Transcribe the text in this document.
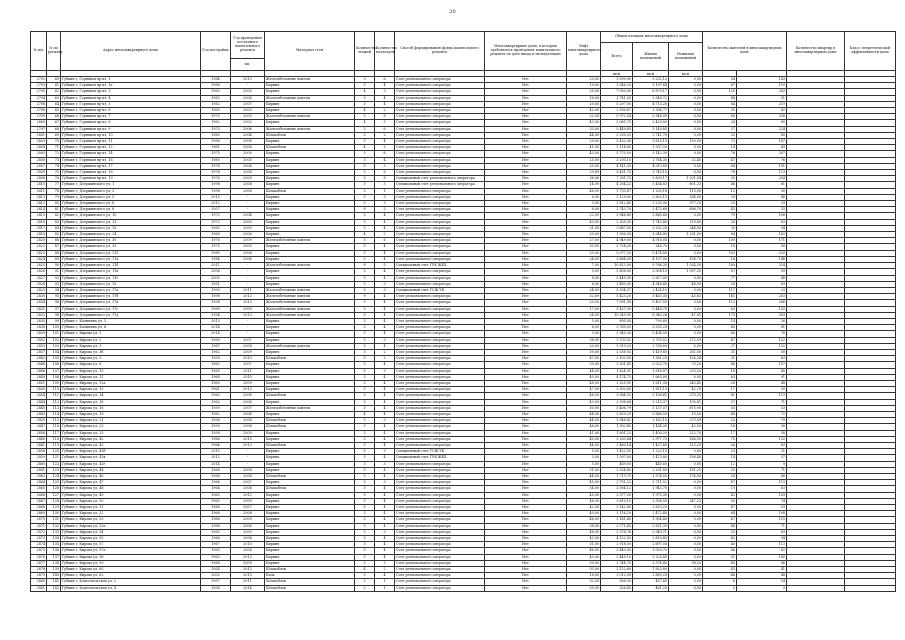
20
№ п/п	№ по региону	Адрес многоквартирного дома	Год постройки	Год проведения последнего капитального ремонта	Материал стен	Количество этажей	Количество подъездов	Способ формирования фонда капитального ремонта	Многоквартирные дома, в которых требовалось проведение капитального ремонта по дате ввода в эксплуатацию	Лифт многоквартирного дома	Общая площадь многоквартирного дома			Количество жителей в многоквартирном доме		Количество квартир в многоквартирном доме	Класс энергетической эффективности дома
											Всего	Жилых помещений	Нежилых помещений				
				кп.													
											кв.м	кв.м	кв.м				
2792	60	Губкин г, Горняков пр-кт, 1	1984	2013	Железобетонные панели	9	6	Счет регионального оператора	Нет	23,00	3 599,00	3 252,12	0,00	54	143		
2793	61	Губкин г, Горняков пр-кт, 1а	1986	-	Кирпич	5	4	Счет регионального оператора	Нет	19,00	3 546,20	3 197,84	0,00	67	110		
2795	62	Губкин г, Горняков пр-кт, 3	1963	2005	Кирпич	4	3	Счет регионального оператора	Нет	25,00	7 050,00	6 870,17	0,00	120	283		
2794	63	Губкин г, Горняков пр-кт, 4	1983	2008	Железобетонные панели	9	4	Счет регионального оператора	Нет	18,00	3 741,05	3 348,72	0,00	48	51		
2798	64	Губкин г, Горняков пр-кт, 5	1982	2007	Кирпич	5	4	Счет регионального оператора	Нет	20,00	5 297,00	4 713,26	0,00	84	219		
2796	65	Губкин г, Горняков пр-кт, 6	1965	2003	Кирпич	4	2	Счет регионального оператора	Нет	42,00	2 590,67	2 304,77	0,00	31	82		
2799	66	Губкин г, Горняков пр-кт, 7	1975	2005	Железобетонные панели	5	8	Счет регионального оператора	Нет	22,00	5 972,54	5 548,99	0,00	68	338		
2800	67	Губкин г, Горняков пр-кт, 8	1962	2002	Кирпич	4	3	Счет регионального оператора	Нет	43,00	3 085,75	2 429,09	0,00	24	85		
2797	68	Губкин г, Горняков пр-кт, 9	1975	2006	Железобетонные панели	5	6	Счет регионального оператора	Нет	33,00	5 449,85	5 149,85	0,00	37	224		
2801	69	Губкин г, Горняков пр-кт, 10	1983	2004	Шлакоблок	5	2	Счет регионального оператора	Нет	44,00	3 295,25	2 741,70	0,00	33	85		
2803	70	Губкин г, Горняков пр-кт, 11	1986	2008	Кирпич	5	4	Счет регионального оператора	Нет	29,00	5 432,38	3 815,10	150,00	72	187		
2804	71	Губкин г, Горняков пр-кт, 12	1961	2006	Шлакоблок	4	2	Счет регионального оператора	Нет	41,00	2 114,60	1 937,20	0,00	14	43		
2805	72	Губкин г, Горняков пр-кт, 14	1975	2009	Кирпич	5	6	Счет регионального оператора	Нет	43,00	5 770,50	3 142,30	0,00	76	207		
2806	73	Губкин г, Горняков пр-кт, 16	1980	2005	Кирпич	5	4	Счет регионального оператора	Нет	25,00	3 293,10	2 764,30	32,40	47	76		
2807	74	Губкин г, Горняков пр-кт, 17	1978	2008	Кирпич	5	3	Счет регионального оператора	Нет	35,00	4 141,30	4 013,60	0,00	84	191		
2809	75	Губкин г, Горняков пр-кт, 18	1978	2008	Кирпич	5	6	Счет регионального оператора	Нет	20,69	5 431,73	3 745,10	0,00	78	113		
2808	76	Губкин г, Горняков пр-кт, 19	1976	2009	Кирпич	5	8	Специальный счет регионального оператора	Нет	36,96	7 281,73	5 895,17	1 201,04	35	204		
2810	77	Губкин г, Дзержинского ул, 1	1998	2008	Кирпич	5	3	Специальный счет регионального оператора	Нет	14,09	4 204,22	3 454,83	601,33	46	61		
2811	78	Губкин г, Дзержинского ул, 3	1998	2008	Шлакоблок	2	1	Счет регионального оператора	Нет	46,00	1 703,87	1 200,18	110,00	12	30		
2813	79	Губкин г, Дзержинского ул, 5	2015	-	Кирпич	5	3	Счет регионального оператора	Нет	6,00	3 129,00	2 802,15	254,90	29	48		
2812	80	Губкин г, Дзержинского ул, 6	2012	-	Кирпич	5	3	Счет регионального оператора	Нет	3,00	2 812,40	2 233,90	577,20	25	53		
2814	81	Губкин г, Дзержинского ул, 8	2007	-	Кирпич	9	3	Счет регионального оператора	Нет	8,00	2 743,70	2 472,60	696,70	43	33		
2815	82	Губкин г, Дзержинского ул, 10	1972	2004	Кирпич	5	4	Счет регионального оператора	Нет	22,00	3 946,40	3 865,60	0,00	79	108		
2816	83	Губкин г, Дзержинского ул, 13	1973	2000	Кирпич	5	4	Счет регионального оператора	Нет	43,00	2 505,30	1 745,40	219,60	28	83		
2817	84	Губкин г, Дзержинского ул, 15	1965	2009	Кирпич	5	4	Счет регионального оператора	Нет	31,00	3 687,50	3 292,20	244,00	39	94		
2818	85	Губкин г, Дзержинского ул, 24	1969	2006	Кирпич	4	2	Счет регионального оператора	Нет	20,00	1 006,30	1 044,80	1 231,00	64	162		
2820	86	Губкин г, Дзержинского ул, 30	1976	2009	Железобетонные панели	5	6	Счет регионального оператора	Нет	27,00	4 949,00	4 916,00	0,00	109	171		
2822	87	Губкин г, Дзержинского ул, 33	1975	2005	Кирпич	5	4	Счет регионального оператора	Нет	30,00	2 724,20	248,70	0,00	18	56		
2823	88	Губкин г, Дзержинского ул, 115	1985	2006	Кирпич	5	4	Счет регионального оператора	Нет	20,00	5 077,20	5 474,80	0,00	102	220		
2824	89	Губкин г, Дзержинского ул, 11а	1984	2008	Кирпич	5	4	Счет регионального оператора	Нет	24,00	3 864,00	4 107,00	108,70	16	146		
2825	90	Губкин г, Дзержинского ул, 11б	2011	-	Железобетонные панели	9	5	Специальный счет ГУК ЖКХ	Нет	7,00	10 813,00	9 786,30	1 024,30	169	324		
2826	91	Губкин г, Дзержинского ул, 11в	2006	-	Кирпич	5	4	Счет регионального оператора	Нет	9,00	5 808,00	2 008,10	1 097,20	57	59		
2827	92	Губкин г, Дзержинского ул, 11г	2005	-	Кирпич	5	4	Счет регионального оператора	Нет	8,00	5 449,30	2 627,00	0,00	77	48		
2828	93	Губкин г, Дзержинского ул, 15	1951	-	Кирпич	5	3	Счет регионального оператора	Нет	6,00	3 480,00	4 348,40	46,90	28	83		
2829	94	Губкин г, Дзержинского ул, 17а	1993	2011	Железобетонные панели	9	3	Специальный счет ТСЖ УК	Нет	24,00	5 254,37	2 424,10	0,00	117	23		
2830	95	Губкин г, Дзержинского ул, 17б	1998	2012	Железобетонные панели	9	4	Счет регионального оператора	Нет	32,69	5 423,20	3 463,30	45,83	161	203		
2834	96	Губкин г, Дзержинского ул, 17в	1998	2013	Железобетонные панели	9	4	Счет регионального оператора	Нет	20,00	7 091,90	5 407,50	0,00	112	286		
2831	97	Губкин г, Дзержинского ул, 17г	1989	2009	Железобетонные панели	9	4	Счет регионального оператора	Нет	17,00	5 427,30	5 448,70	0,00	63	132		
2832	98	Губкин г, Дзержинского ул, 17д	1994	2013	Железобетонные панели	9	4	Счет регионального оператора	Нет	24,00	10 249,95	8 940,26	47,31	173	303		
2835	99	Губкин г, Калинина ул, 3	2013	-	Кирпич	5	4	Счет регионального оператора	Нет	5,00	895,00	790,80	0,00	14	26		
2838	100	Губкин г, Калинина ул, 6	2014	-	Кирпич	5	4	Счет регионального оператора	Нет	6,00	3 765,50	3 535,20	0,00	45	61		
2839	101	Губкин г, Кирова ул, 1	2014	-	Кирпич	5	4	Счет регионального оператора	Нет	3,00	3 945,30	3 404,50	0,00	40	78		
2852	102	Губкин г, Кирова ул, 2	1969	2007	Кирпич	5	3	Счет регионального оператора	Нет	38,00	3 703,52	2 750,52	272,59	47	122		
2853	103	Губкин г, Кирова ул, 3	1967	2008	Железобетонные панели	5	4	Счет регионального оператора	Нет	20,00	2 919,20	2 756,00	0,00	27	132		
2857	104	Губкин г, Кирова ул, 3б	1962	2009	Кирпич	5	2	Счет регионального оператора	Нет	39,00	2 338,92	1 419,80	351,00	31	50		
2842	105	Губкин г, Кирова ул, 5	1959	2010	Шлакоблок	5	2	Счет регионального оператора	Нет	47,00	2 102,50	1 361,25	126,34	21	63		
2848	106	Губкин г, Кирова ул, 8	1962	2007	Кирпич	5	4	Счет регионального оператора	Нет	39,00	3 301,45	3 023,70	73,20	46	157		
2846	107	Губкин г, Кирова ул, 10	1965	2011	Кирпич	5	3	Счет регионального оператора	Нет	44,00	1 624,91	1 616,87	233,20	18	45		
2849	108	Губкин г, Кирова ул, 11	1968	2010	Кирпич	5	4	Счет регионального оператора	Нет	40,00	4 174,73	3 663,00	0,00	63	91		
2851	109	Губкин г, Кирова ул, 12а	1960	2009	Кирпич	5	4	Счет регионального оператора	Нет	48,00	2 325,91	1 611,30	245,40	26	48		
2850	110	Губкин г, Кирова ул, 13	1961	2012	Кирпич	5	4	Счет регионального оператора	Нет	47,00	2 302,85	1 811,10	42,70	17	50		
2854	111	Губкин г, Кирова ул, 14	1960	2008	Шлакоблок	5	4	Счет регионального оператора	Нет	46,00	3 584,92	3 156,61	275,25	61	113		
2844	112	Губкин г, Кирова ул, 16	1962	2008	Кирпич	5	4	Счет регионального оператора	Нет	43,00	3 298,64	3 215,37	105,81	37	71		
2845	113	Губкин г, Кирова ул, 18	1959	2007	Железобетонные панели	5	4	Счет регионального оператора	Нет	50,00	5 406,79	5 137,07	675,90	50	53		
2843	114	Губкин г, Кирова ул, 19	1962	2004	Кирпич	4	4	Счет регионального оператора	Нет	44,00	2 829,29	2 688,59	10,00	48	72		
2855	115	Губкин г, Кирова ул, 21	1956	2008	Шлакоблок	5	3	Счет регионального оператора	Нет	44,00	3 546,82	3 162,10	273,09	23	79		
2847	116	Губкин г, Кирова ул, 23	1959	2008	Шлакоблок	5	4	Счет регионального оператора	Нет	46,00	1 902,40	1 454,30	42,50	16	36		
2856	117	Губкин г, Кирова ул, 25	1958	2009	Кирпич	5	4	Счет регионального оператора	Нет	41,00	1 601,23	1 400,20	222,70	17	58		
2840	118	Губкин г, Кирова ул, 42	1966	2015	Кирпич	5	4	Счет регионального оператора	Нет	40,00	3 203,84	2 977,73	186,50	75	132		
2841	119	Губкин г, Кирова ул, 43	1964	2013	Шлакоблок	5	4	Счет регионального оператора	Нет	44,00	2 460,14	1 427,60	113,20	26	83		
2858	120	Губкин г, Кирова ул, 43б	2010	-	Кирпич	5	3	Специальный счет ТСЖ УК	Нет	5,00	1 422,50	1 222,10	0,00	23	21		
2859	121	Губкин г, Кирова ул, 43в	2012	-	Кирпич	5	4	Специальный счет ГУК ЖКХ	Нет	3,00	1 397,00	1 473,80	156,40	14	37		
2860	122	Губкин г, Кирова ул, 43г	2014	-	Кирпич	5	3	Счет регионального оператора	Нет	5,00	469,00	440,60	0,00	12	9		
2861	123	Губкин г, Кирова ул, 44	1966	2008	Кирпич	5	4	Счет регионального оператора	Нет	51,00	2 534,40	2 201,80	181,21	25	71		
2863	124	Губкин г, Кирова ул, 46	1966	2008	Шлакоблок	5	4	Счет регионального оператора	Нет	44,00	1 719,75	1 574,05	174,00	28	86		
2864	125	Губкин г, Кирова ул, 47	1966	2007	Кирпич	5	3	Счет регионального оператора	Нет	45,00	2 751,22	2 711,52	0,00	47	113		
2865	126	Губкин г, Кирова ул, 48	1964	2006	Шлакоблок	5	4	Счет регионального оператора	Нет	54,00	2 004,12	1 943,70	0,00	19	63		
2866	127	Губкин г, Кирова ул, 49	1963	2012	Кирпич	5	4	Счет регионального оператора	Нет	45,00	2 077,00	1 975,30	0,00	42	103		
2867	128	Губкин г, Кирова ул, 50	1965	2009	Кирпич	5	4	Счет регионального оператора	Нет	48,00	3 810,10	2 558,50	247,23	55	74		
2868	129	Губкин г, Кирова ул, 51	1966	2007	Кирпич	5	4	Счет регионального оператора	Нет	42,00	3 142,60	2 829,20	0,00	47	53		
2869	130	Губкин г, Кирова ул, 52	1968	2008	Кирпич	5	4	Счет регионального оператора	Нет	40,00	3 116,20	2 472,40	0,00	64	108		
2870	131	Губкин г, Кирова ул, 53	1966	2009	Кирпич	5	4	Счет регионального оператора	Нет	46,00	3 181,40	1 904,40	0,00	47	115		
2871	132	Губкин г, Кирова ул, 53а	1968	2006	Кирпич	5	4	Счет регионального оператора	Нет	38,00	2 771,40	2 621,30	0,00	48	71		
2872	133	Губкин г, Кирова ул, 54	1965	2009	Кирпич	5	3	Счет регионального оператора	Нет	48,00	2 376,76	2 049,71	0,00	25	83		
2873	134	Губкин г, Кирова ул, 55	1966	2008	Кирпич	5	4	Счет регионального оператора	Нет	43,00	4 122,50	2 819,40	0,00	43	94		
2874	135	Губкин г, Кирова ул, 57	1967	2010	Кирпич	5	4	Счет регионального оператора	Нет	31,00	2 918,50	2 697,50	0,00	40	113		
2875	136	Губкин г, Кирова ул, 57а	1965	2006	Кирпич	5	4	Счет регионального оператора	Нет	46,00	3 440,00	3 020,70	0,00	46	62		
2876	137	Губкин г, Кирова ул, 58	1963	2012	Кирпич	5	4	Счет регионального оператора	Нет	43,00	3 445,10	3 225,40	0,00	51	140		
2877	138	Губкин г, Кирова ул, 59	1966	2009	Кирпич	5	3	Счет регионального оператора	Нет	39,00	2 744,70	2 574,40	38,20	40	86		
2878	139	Губкин г, Кирова ул, 60	1954	2012	Шлакоблок	4	2	Счет регионального оператора	Нет	53,00	2 122,60	1 823,80	0,00	43	41		
2879	140	Губкин г, Кирова ул, 62	2002	2015	Блок	5	4	Счет регионального оператора	Нет	18,00	3 012,50	2 889,20	0,00	46	48		
2880	141	Губкин г, Комсомольская ул, 2	1957	2011	Шлакоблок	2	1	Счет регионального оператора	Нет	52,00	508,50	457,40	0,00	6	14		
2881	142	Губкин г, Комсомольская ул, 4	1958	2014	Шлакоблок	2	1	Счет регионального оператора	Нет	55,00	526,40	461,20	0,00	5	9		
